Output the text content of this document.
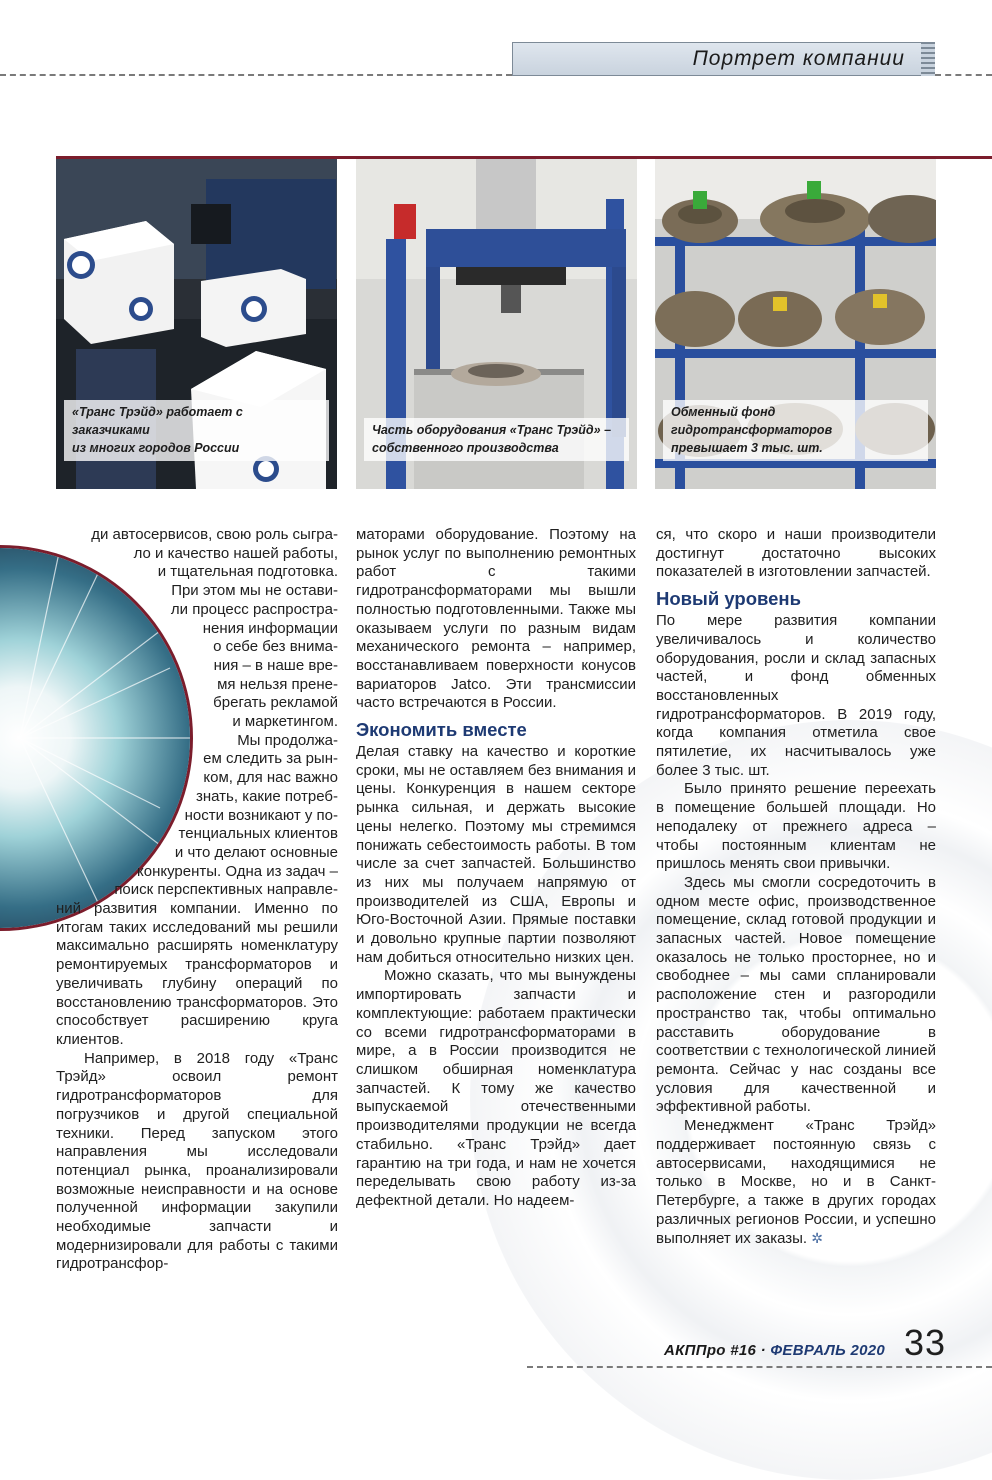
Портрет компании
«Транс Трэйд» работает с заказчиками
из многих городов России
Часть оборудования «Транс Трэйд» –
собственного производства
Обменный фонд гидротрансформаторов
превышает 3 тыс. шт.
ди автосервисов, свою роль сыгра-
ло и качество нашей работы,
и тщательная подготовка.
При этом мы не остави-
ли процесс распростра-
нения информации
о себе без внима-
ния – в наше вре-
мя нельзя прене-
брегать рекламой
и маркетингом.
Мы продолжа-
ем следить за рын-
ком, для нас важно
знать, какие потреб-
ности возникают у по-
тенциальных клиентов
и что делают основные
конкуренты. Одна из задач –
поиск перспективных направле-

ний развития компании. Именно по итогам таких исследований мы решили максимально расширять номенклатуру ремонтируемых трансформаторов и увеличивать глубину операций по восстановлению трансформаторов. Это способствует расширению круга клиентов.

Например, в 2018 году «Транс Трэйд» освоил ремонт гидротрансформаторов для погрузчиков и другой специальной техники. Перед запуском этого направления мы исследовали потенциал рынка, проанализировали возможные неисправности и на основе полученной информации закупили необходимые запчасти и модернизировали для работы с такими гидротрансфор-

маторами оборудование. Поэтому на рынок услуг по выполнению ремонтных работ с такими гидротрансформаторами мы вышли полностью подготовленными. Также мы оказываем услуги по разным видам механического ремонта – например, восстанавливаем поверхности конусов вариаторов Jatco. Эти трансмиссии часто встречаются в России.

Экономить вместе

Делая ставку на качество и короткие сроки, мы не оставляем без внимания и цены. Конкуренция в нашем секторе рынка сильная, и держать высокие цены нелегко. Поэтому мы стремимся понижать себестоимость работы. В том числе за счет запчастей. Большинство из них мы получаем напрямую от производителей из США, Европы и Юго-Восточной Азии. Прямые поставки и довольно крупные партии позволяют нам добиться относительно низких цен.

Можно сказать, что мы вынуждены импортировать запчасти и комплектующие: работаем практически со всеми гидротрансформаторами в мире, а в России производится не слишком обширная номенклатура запчастей. К тому же качество выпускаемой отечественными производителями продукции не всегда стабильно. «Транс Трэйд» дает гарантию на три года, и нам не хочется переделывать свою работу из-за дефектной детали. Но надеем-

ся, что скоро и наши производители достигнут достаточно высоких показателей в изготовлении запчастей.

Новый уровень

По мере развития компании увеличивалось и количество оборудования, росли и склад запасных частей, и фонд обменных восстановленных гидротрансформаторов. В 2019 году, когда компания отметила свое пятилетие, их насчитывалось уже более 3 тыс. шт.

Было принято решение переехать в помещение большей площади. Но неподалеку от прежнего адреса – чтобы постоянным клиентам не пришлось менять свои привычки.

Здесь мы смогли сосредоточить в одном месте офис, производственное помещение, склад готовой продукции и запасных частей. Новое помещение оказалось не только просторнее, но и свободнее – мы сами спланировали расположение стен и разгородили пространство так, чтобы оптимально расставить оборудование в соответствии с технологической линией ремонта. Сейчас у нас созданы все условия для качественной и эффективной работы.

Менеджмент «Транс Трэйд» поддерживает постоянную связь с автосервисами, находящимися не только в Москве, но и в Санкт-Петербурге, а также в других городах различных регионов России, и успешно выполняет их заказы. ✲

АКППро #16 · ФЕВРАЛЬ 2020 33
